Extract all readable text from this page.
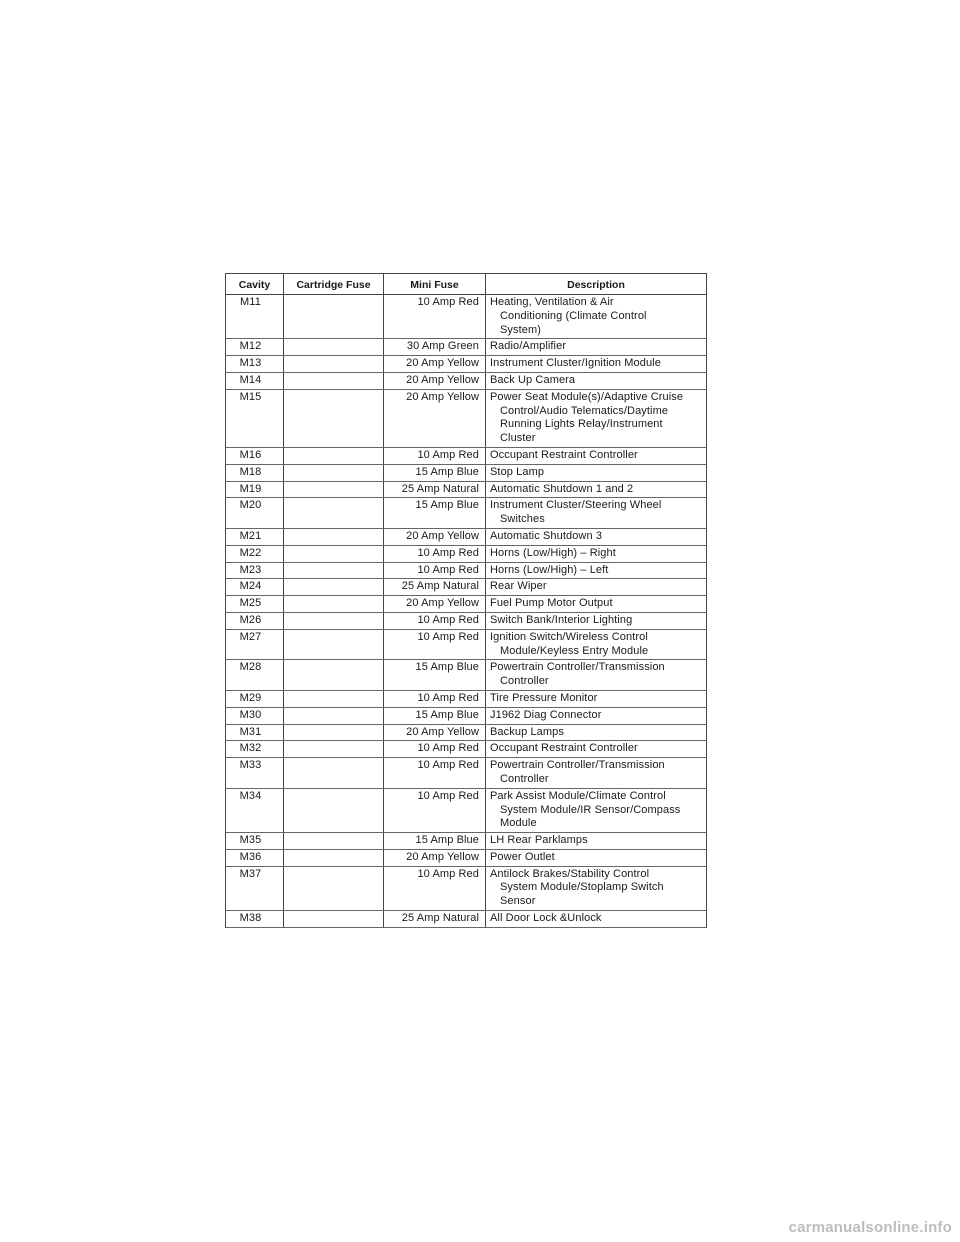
Cavity	Cartridge Fuse	Mini Fuse	Description
M11		10 Amp Red	Heating, Ventilation & Air
Conditioning (Climate Control
System)

M12		30 Amp Green	Radio/Amplifier

M13		20 Amp Yellow	Instrument Cluster/Ignition Module

M14		20 Amp Yellow	Back Up Camera

M15		20 Amp Yellow	Power Seat Module(s)/Adaptive Cruise
Control/Audio Telematics/Daytime
Running Lights Relay/Instrument
Cluster

M16		10 Amp Red	Occupant Restraint Controller

M18		15 Amp Blue	Stop Lamp

M19		25 Amp Natural	Automatic Shutdown 1 and 2

M20		15 Amp Blue	Instrument Cluster/Steering Wheel
Switches

M21		20 Amp Yellow	Automatic Shutdown 3

M22		10 Amp Red	Horns (Low/High) – Right

M23		10 Amp Red	Horns (Low/High) – Left

M24		25 Amp Natural	Rear Wiper

M25		20 Amp Yellow	Fuel Pump Motor Output

M26		10 Amp Red	Switch Bank/Interior Lighting

M27		10 Amp Red	Ignition Switch/Wireless Control
Module/Keyless Entry Module

M28		15 Amp Blue	Powertrain Controller/Transmission
Controller

M29		10 Amp Red	Tire Pressure Monitor

M30		15 Amp Blue	J1962 Diag Connector

M31		20 Amp Yellow	Backup Lamps

M32		10 Amp Red	Occupant Restraint Controller

M33		10 Amp Red	Powertrain Controller/Transmission
Controller

M34		10 Amp Red	Park Assist Module/Climate Control
System Module/IR Sensor/Compass
Module

M35		15 Amp Blue	LH Rear Parklamps

M36		20 Amp Yellow	Power Outlet

M37		10 Amp Red	Antilock Brakes/Stability Control
System Module/Stoplamp Switch
Sensor

M38		25 Amp Natural	All Door Lock &Unlock
carmanualsonline.info
